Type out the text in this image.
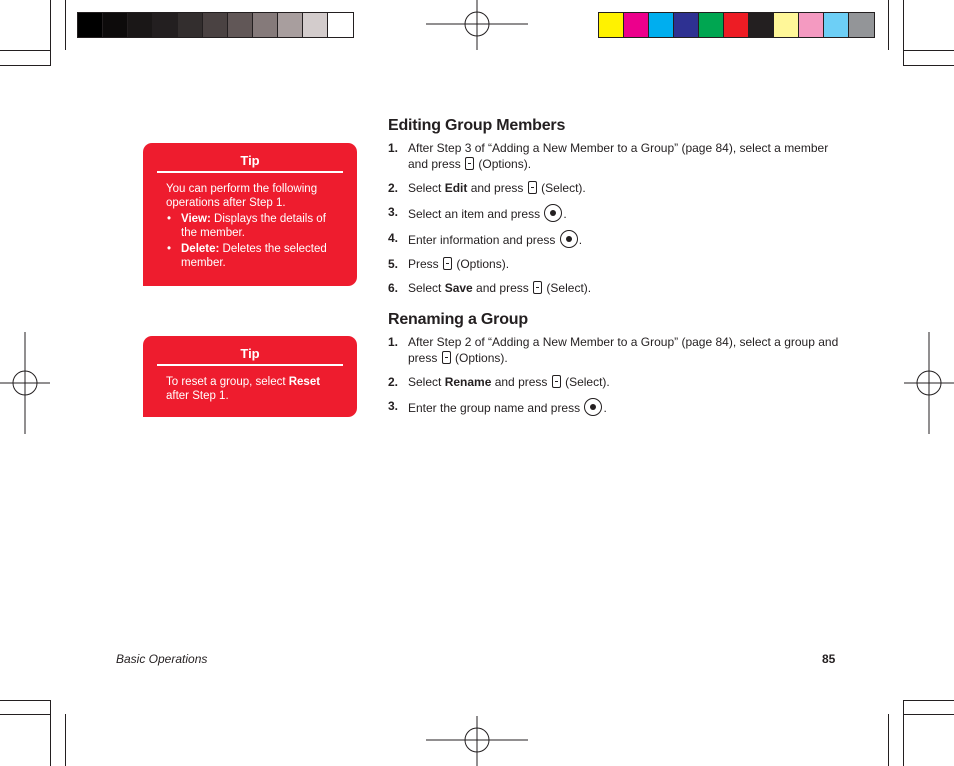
Tip
You can perform the following operations after Step 1.
• View: Displays the details of the member.
• Delete: Deletes the selected member.
Tip
To reset a group, select Reset after Step 1.
Editing Group Members
1. After Step 3 of “Adding a New Member to a Group” (page 84), select a member and press  (Options).
2. Select Edit and press  (Select).
3. Select an item and press .
4. Enter information and press .
5. Press  (Options).
6. Select Save and press  (Select).
Renaming a Group
1. After Step 2 of “Adding a New Member to a Group” (page 84), select a group and press  (Options).
2. Select Rename and press  (Select).
3. Enter the group name and press .
Basic Operations	85
